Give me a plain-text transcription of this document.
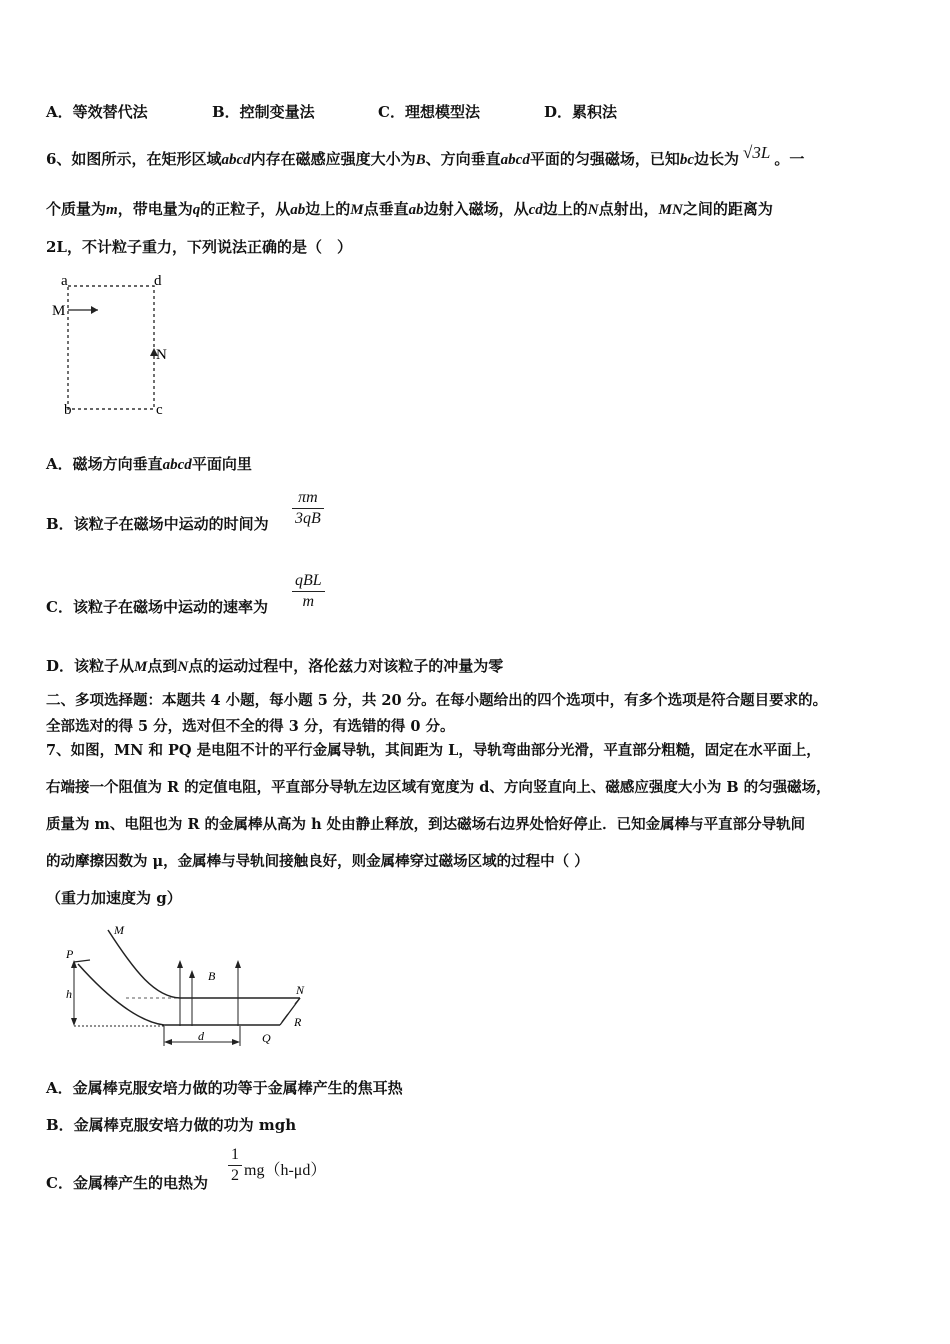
A．等效替代法	B．控制变量法	C．理想模型法	D．累积法
6、如图所示，在矩形区域abcd内存在磁感应强度大小为B、方向垂直abcd平面的匀强磁场，已知bc边长为 √3L 。一
个质量为m，带电量为q的正粒子，从ab边上的M点垂直ab边射入磁场，从cd边上的N点射出，MN之间的距离为
2L，不计粒子重力，下列说法正确的是（　）
a	d
b	c
M
N
A．磁场方向垂直abcd平面向里
B．该粒子在磁场中运动的时间为
πm
3qB
C．该粒子在磁场中运动的速率为
qBL
m
D．该粒子从M点到N点的运动过程中，洛伦兹力对该粒子的冲量为零
二、多项选择题：本题共 4 小题，每小题 5 分，共 20 分。在每小题给出的四个选项中，有多个选项是符合题目要求的。
全部选对的得 5 分，选对但不全的得 3 分，有选错的得 0 分。
7、如图，MN 和 PQ 是电阻不计的平行金属导轨，其间距为 L，导轨弯曲部分光滑，平直部分粗糙，固定在水平面上，
右端接一个阻值为 R 的定值电阻，平直部分导轨左边区域有宽度为 d、方向竖直向上、磁感应强度大小为 B 的匀强磁场，
质量为 m、电阻也为 R 的金属棒从高为 h 处由静止释放，到达磁场右边界处恰好停止．已知金属棒与平直部分导轨间
的动摩擦因数为 μ，金属棒与导轨间接触良好，则金属棒穿过磁场区域的过程中（ ）
（重力加速度为 g）
M
P
h
B
d
N
R
Q
A．金属棒克服安培力做的功等于金属棒产生的焦耳热
B．金属棒克服安培力做的功为 mgh
C．金属棒产生的电热为
1
2 mg（h-μd）
